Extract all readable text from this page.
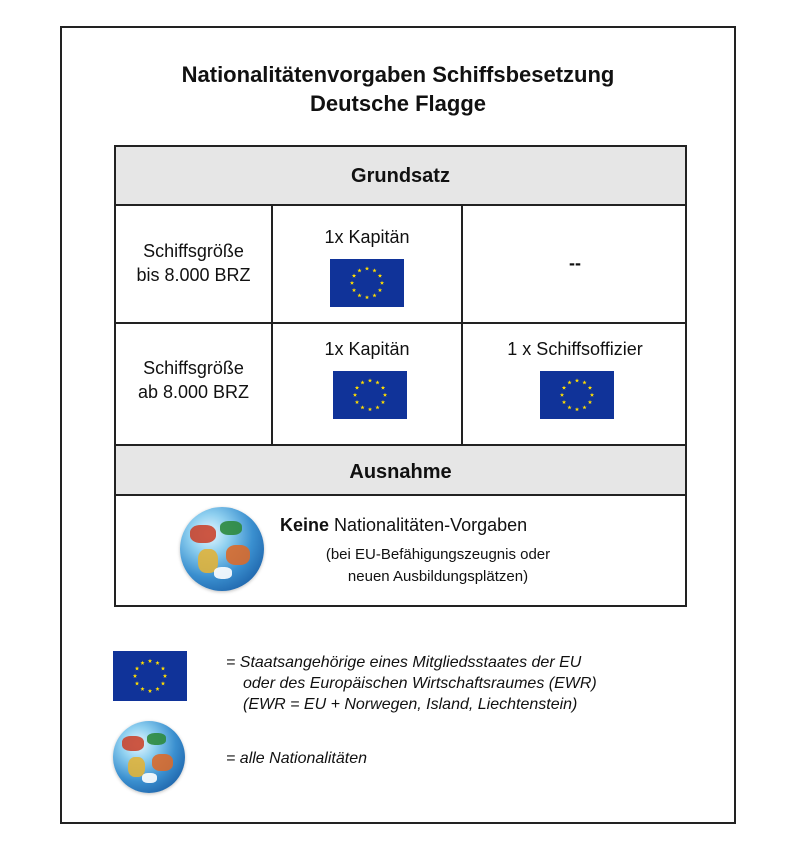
Nationalitätenvorgaben Schiffsbesetzung
Deutsche Flagge
Grundsatz
Schiffsgröße
bis 8.000 BRZ
1x Kapitän
--
Schiffsgröße
ab 8.000 BRZ
1x Kapitän	1 x Schiffsoffizier
Ausnahme
Keine Nationalitäten-Vorgaben
(bei EU-Befähigungszeugnis oder
neuen Ausbildungsplätzen)
= Staatsangehörige eines Mitgliedsstaates der EU
oder des Europäischen Wirtschaftsraumes (EWR)
(EWR = EU + Norwegen, Island, Liechtenstein)
= alle Nationalitäten
